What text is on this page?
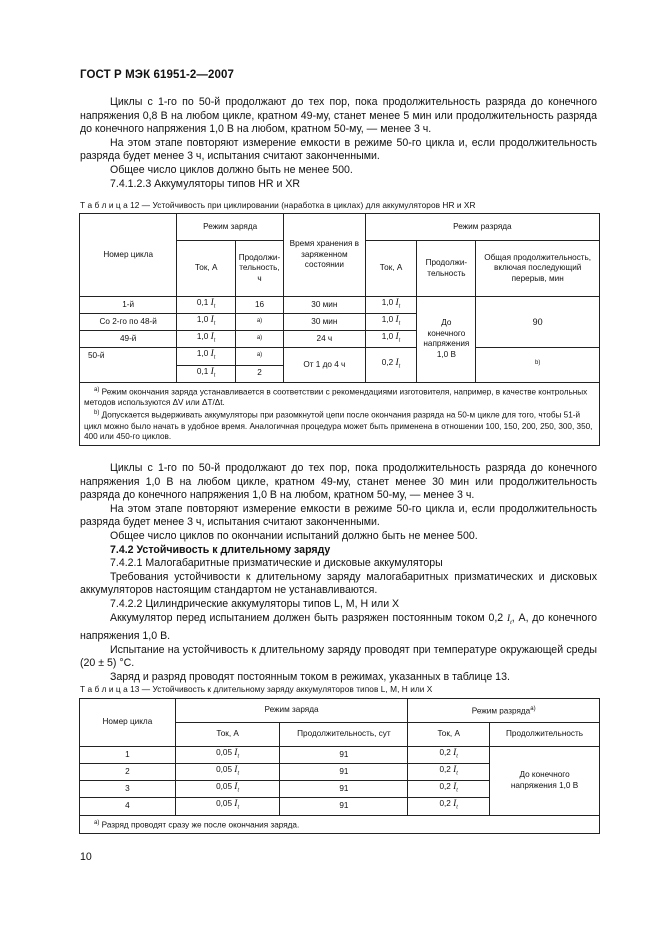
ГОСТ Р МЭК 61951-2—2007

Циклы с 1-го по 50-й продолжают до тех пор, пока продолжительность разряда до конечного напряжения 0,8 В на любом цикле, кратном 49-му, станет менее 5 мин или продолжительность разряда до конечного напряжения 1,0 В на любом, кратном 50-му, — менее 3 ч.

На этом этапе повторяют измерение емкости в режиме 50-го цикла и, если продолжительность разряда будет менее 3 ч, испытания считают законченными.

Общее число циклов должно быть не менее 500.

7.4.1.2.3 Аккумуляторы типов HR и XR

Т а б л и ц а 12 — Устойчивость при циклировании (наработка в циклах) для аккумуляторов HR и XR
Номер цикла	Режим заряда		Время хранения в заряженном состоянии	Режим разряда		
	Ток, А	Продолжи-тельность, ч		Ток, А	Продолжи-тельность	Общая продолжительность, включая последующий перерыв, мин
1-й	0,1 $I_t$	16	30 мин	1,0 $I_t$	До конечного напряжения 1,0 В	90
Со 2-го по 48-й	1,0 $I_t$	$^{a)}$	30 мин	1,0 $I_t$
49-й	1,0 $I_t$	$^{a)}$	24 ч	1,0 $I_t$
50-й	1,0 $I_t$	$^{a)}$	От 1 до 4 ч	0,2 $I_t$		$^{b)}$
	0,1 $I_t$	2				

$^{a)}$ Режим окончания заряда устанавливается в соответствии с рекомендациями изготовителя, например, в качестве контрольных методов используются ΔV или ΔT/Δt.
$^{b)}$ Допускается выдерживать аккумуляторы при разомкнутой цепи после окончания разряда на 50-м цикле для того, чтобы 51-й цикл можно было начать в удобное время. Аналогичная процедура может быть применена в отношении 100, 150, 200, 250, 300, 350, 400 или 450-го циклов.						

Циклы с 1-го по 50-й продолжают до тех пор, пока продолжительность разряда до конечного напряжения 1,0 В на любом цикле, кратном 49-му, станет менее 30 мин или продолжительность разряда до конечного напряжения 1,0 В на любом, кратном 50-му, — менее 3 ч.

На этом этапе повторяют измерение емкости в режиме 50-го цикла и, если продолжительность разряда будет менее 3 ч, испытания считают законченными.

Общее число циклов по окончании испытаний должно быть не менее 500.

7.4.2 Устойчивость к длительному заряду

7.4.2.1 Малогабаритные призматические и дисковые аккумуляторы

Требования устойчивости к длительному заряду малогабаритных призматических и дисковых аккумуляторов настоящим стандартом не устанавливаются.

7.4.2.2 Цилиндрические аккумуляторы типов L, M, H или X

Аккумулятор перед испытанием должен быть разряжен постоянным током 0,2 $I_t$, А, до конечного напряжения 1,0 В.

Испытание на устойчивость к длительному заряду проводят при температуре окружающей среды (20 ± 5) °С.

Заряд и разряд проводят постоянным током в режимах, указанных в таблице 13.

Т а б л и ц а 13 — Устойчивость к длительному заряду аккумуляторов типов L, M, H или X
Номер цикла	Режим заряда		Режим разряда$^{а)}$
	Ток, А	Продолжительность, сут	Ток, А	Продолжительность
1	0,05 $I_t$	91	0,2 $I_t$	До конечного напряжения 1,0 В
2	0,05 $I_t$	91	0,2 $I_t$
3	0,05 $I_t$	91	0,2 $I_t$
4	0,05 $I_t$	91	0,2 $I_t$

$^{а)}$ Разряд проводят сразу же после окончания заряда.				
10
